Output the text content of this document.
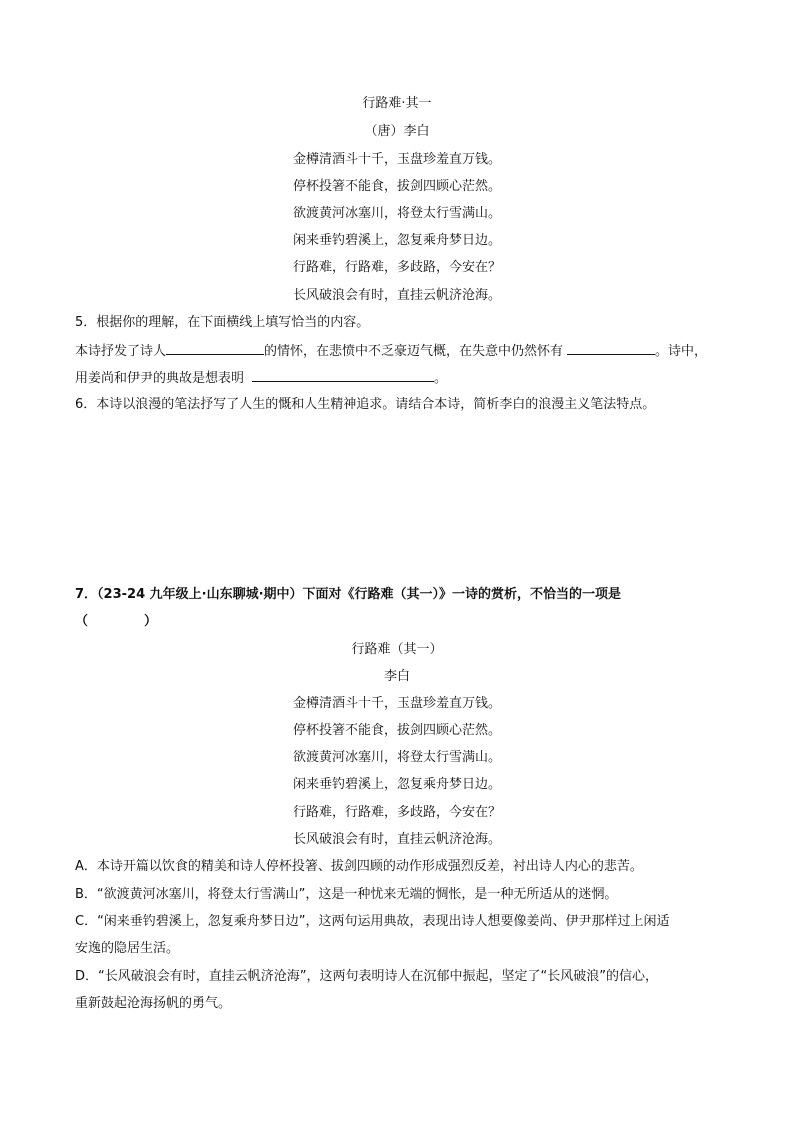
行路难·其一
（唐）李白
金樽清酒斗十千，玉盘珍羞直万钱。
停杯投箸不能食，拔剑四顾心茫然。
欲渡黄河冰塞川，将登太行雪满山。
闲来垂钓碧溪上，忽复乘舟梦日边。
行路难，行路难，多歧路，今安在？
长风破浪会有时，直挂云帆济沧海。
5．根据你的理解，在下面横线上填写恰当的内容。
本诗抒发了诗人	的情怀，在悲愤中不乏豪迈气概，在失意中仍然怀有	。诗中，
用姜尚和伊尹的典故是想表明	。
6．本诗以浪漫的笔法抒写了人生的慨和人生精神追求。请结合本诗，简析李白的浪漫主义笔法特点。
7．（23-24 九年级上·山东聊城·期中）下面对《行路难（其一）》一诗的赏析，不恰当的一项是
（	）
行路难（其一）
李白
金樽清酒斗十千，玉盘珍羞直万钱。
停杯投箸不能食，拔剑四顾心茫然。
欲渡黄河冰塞川，将登太行雪满山。
闲来垂钓碧溪上，忽复乘舟梦日边。
行路难，行路难，多歧路，今安在？
长风破浪会有时，直挂云帆济沧海。
A．本诗开篇以饮食的精美和诗人停杯投箸、拔剑四顾的动作形成强烈反差，衬出诗人内心的悲苦。
B．“欲渡黄河冰塞川，将登太行雪满山”，这是一种忧来无端的惆怅，是一种无所适从的迷惘。
C．“闲来垂钓碧溪上，忽复乘舟梦日边”，这两句运用典故，表现出诗人想要像姜尚、伊尹那样过上闲适
安逸的隐居生活。
D．“长风破浪会有时，直挂云帆济沧海”，这两句表明诗人在沉郁中振起，坚定了“长风破浪”的信心，
重新鼓起沧海扬帆的勇气。
